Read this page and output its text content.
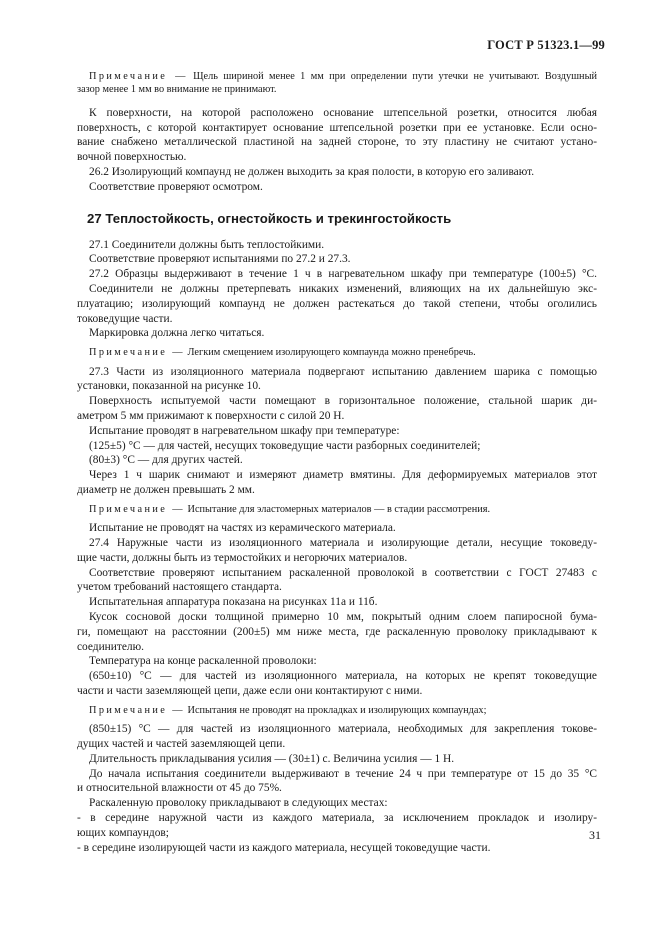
ГОСТ Р 51323.1—99
Примечание — Щель шириной менее 1 мм при определении пути утечки не учитывают. Воздушный
зазор менее 1 мм во внимание не принимают.
К поверхности, на которой расположено основание штепсельной розетки, относится любая
поверхность, с которой контактирует основание штепсельной розетки при ее установке. Если осно-
вание снабжено металлической пластиной на задней стороне, то эту пластину не считают устано-
вочной поверхностью.
26.2 Изолирующий компаунд не должен выходить за края полости, в которую его заливают.
Соответствие проверяют осмотром.
27 Теплостойкость, огнестойкость и трекингостойкость
27.1 Соединители должны быть теплостойкими.
Соответствие проверяют испытаниями по 27.2 и 27.3.
27.2 Образцы выдерживают в течение 1 ч в нагревательном шкафу при температуре (100±5) °С.
Соединители не должны претерпевать никаких изменений, влияющих на их дальнейшую экс-
плуатацию; изолирующий компаунд не должен растекаться до такой степени, чтобы оголились
токоведущие части.
Маркировка должна легко читаться.
Примечание — Легким смещением изолирующего компаунда можно пренебречь.
27.3 Части из изоляционного материала подвергают испытанию давлением шарика с помощью
установки, показанной на рисунке 10.
Поверхность испытуемой части помещают в горизонтальное положение, стальной шарик ди-
аметром 5 мм прижимают к поверхности с силой 20 Н.
Испытание проводят в нагревательном шкафу при температуре:
(125±5) °С — для частей, несущих токоведущие части разборных соединителей;
(80±3) °С — для других частей.
Через 1 ч шарик снимают и измеряют диаметр вмятины. Для деформируемых материалов этот
диаметр не должен превышать 2 мм.
Примечание — Испытание для эластомерных материалов — в стадии рассмотрения.
Испытание не проводят на частях из керамического материала.
27.4 Наружные части из изоляционного материала и изолирующие детали, несущие токоведу-
щие части, должны быть из термостойких и негорючих материалов.
Соответствие проверяют испытанием раскаленной проволокой в соответствии с ГОСТ 27483 с
учетом требований настоящего стандарта.
Испытательная аппаратура показана на рисунках 11а и 11б.
Кусок сосновой доски толщиной примерно 10 мм, покрытый одним слоем папиросной бума-
ги, помещают на расстоянии (200±5) мм ниже места, где раскаленную проволоку прикладывают к
соединителю.
Температура на конце раскаленной проволоки:
(650±10) °С — для частей из изоляционного материала, на которых не крепят токоведущие
части и части заземляющей цепи, даже если они контактируют с ними.
Примечание — Испытания не проводят на прокладках и изолирующих компаундах;
(850±15) °С — для частей из изоляционного материала, необходимых для закрепления токове-
дущих частей и частей заземляющей цепи.
Длительность прикладывания усилия — (30±1) с. Величина усилия — 1 Н.
До начала испытания соединители выдерживают в течение 24 ч при температуре от 15 до 35 °С
и относительной влажности от 45 до 75%.
Раскаленную проволоку прикладывают в следующих местах:
- в середине наружной части из каждого материала, за исключением прокладок и изолиру-
ющих компаундов;
- в середине изолирующей части из каждого материала, несущей токоведущие части.
31
